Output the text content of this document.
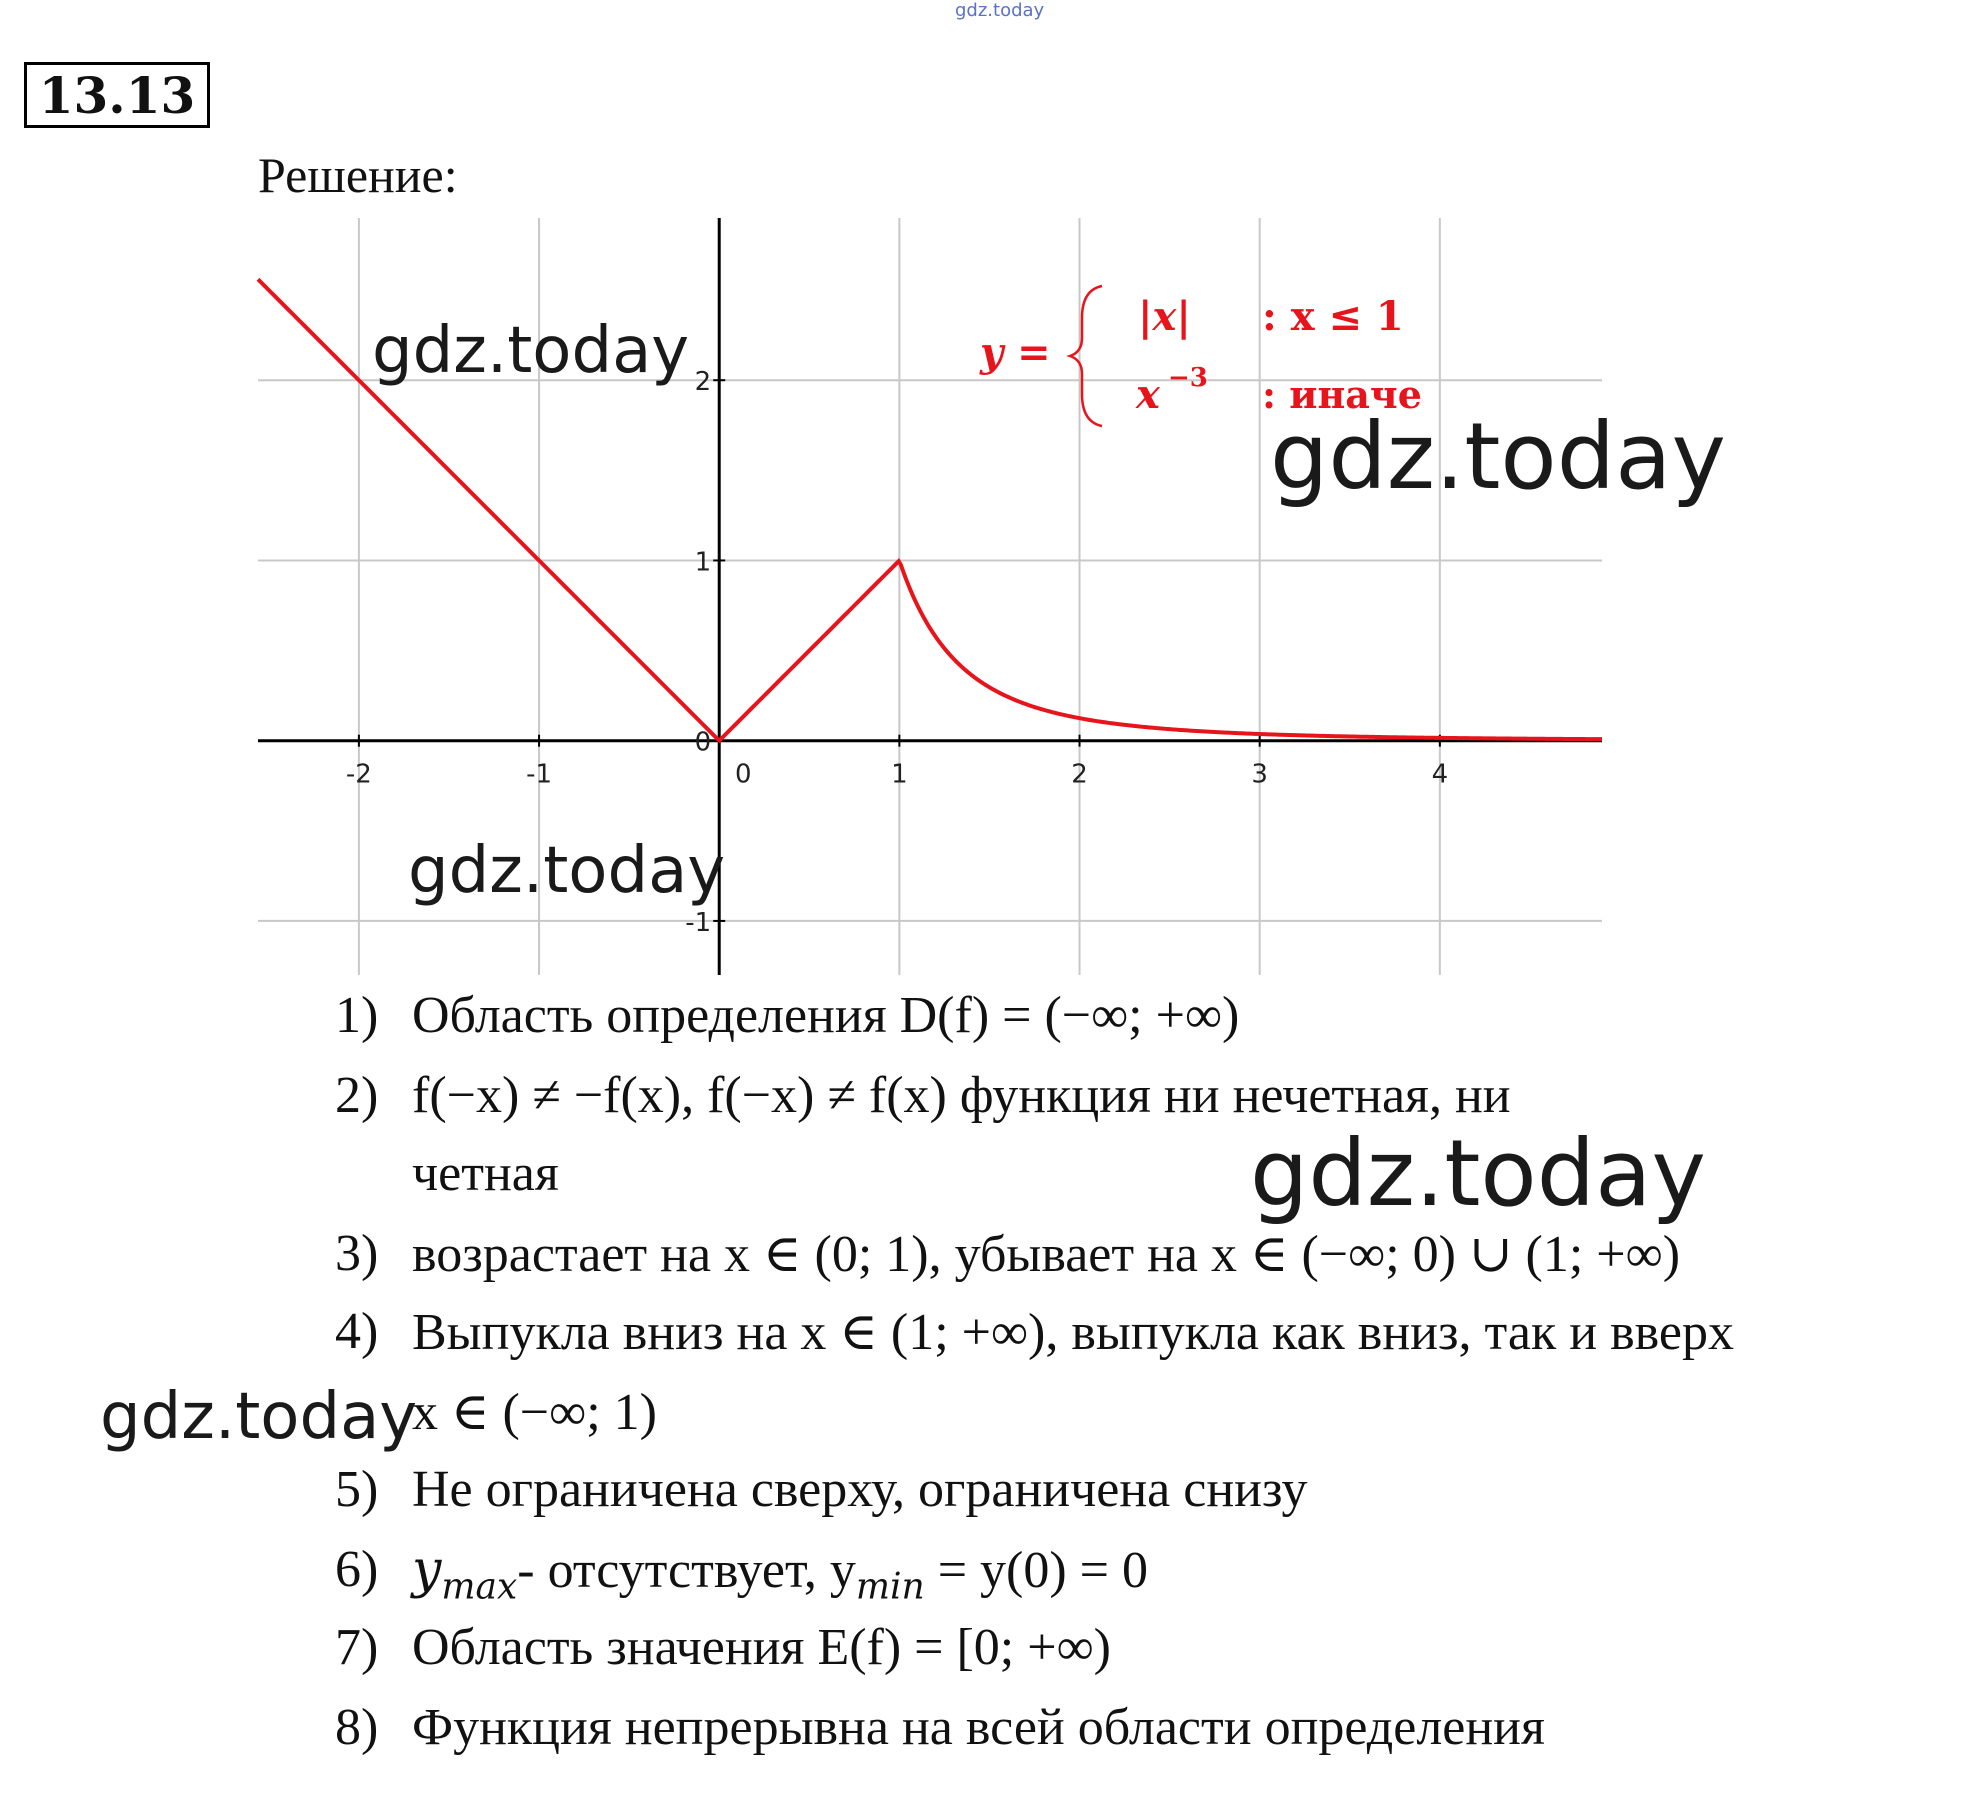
gdz.today
13.13
Решение:
-2	-1	0	1	2	3	4
-1
0
1
2
y =
|x| : x ≤ 1
x −3 : иначе
gdz.today
gdz.today
gdz.today
1) Область определения D(f) = (−∞; +∞)
2) f(−x) ≠ −f(x), f(−x) ≠ f(x) функция ни нечетная, ни
четная
3) возрастает на x ∈ (0; 1), убывает на x ∈ (−∞; 0) ∪ (1; +∞)
4) Выпукла вниз на x ∈ (1; +∞), выпукла как вниз, так и вверх
x ∈ (−∞; 1)
5) Не ограничена сверху, ограничена снизу
6) $y_{max}-$ отсутствует, $y_{min} = y(0) = 0$
7) Область значения E(f) = [0; +∞)
8) Функция непрерывна на всей области определения
gdz.today
gdz.today
